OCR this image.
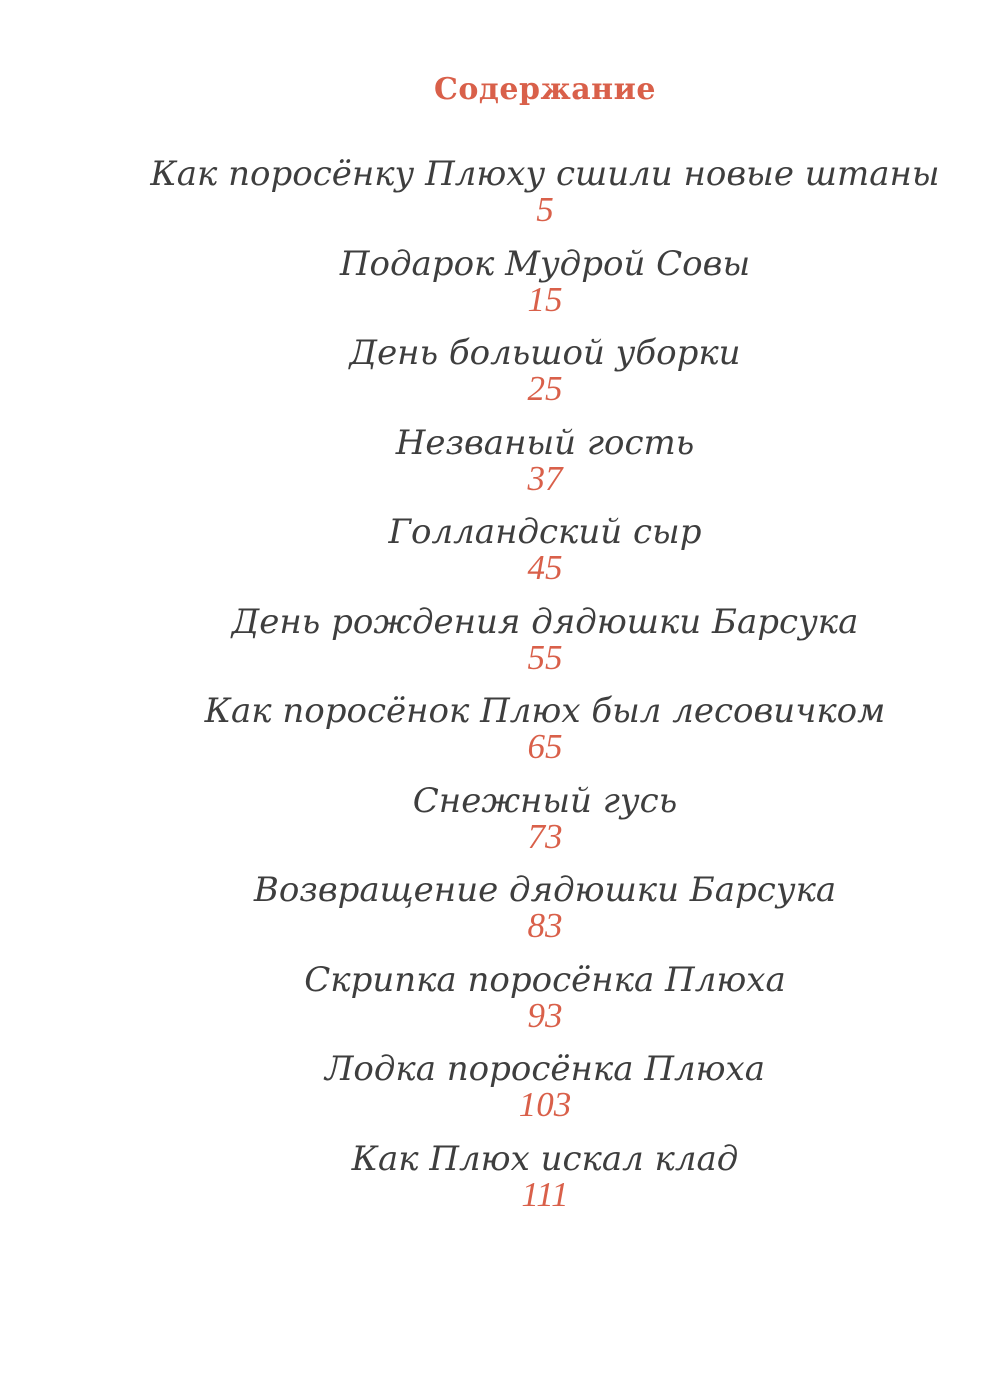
Содержание
Как поросёнку Плюху сшили новые штаны
5
Подарок Мудрой Совы
15
День большой уборки
25
Незваный гость
37
Голландский сыр
45
День рождения дядюшки Барсука
55
Как поросёнок Плюх был лесовичком
65
Снежный гусь
73
Возвращение дядюшки Барсука
83
Скрипка поросёнка Плюха
93
Лодка поросёнка Плюха
103
Как Плюх искал клад
111
